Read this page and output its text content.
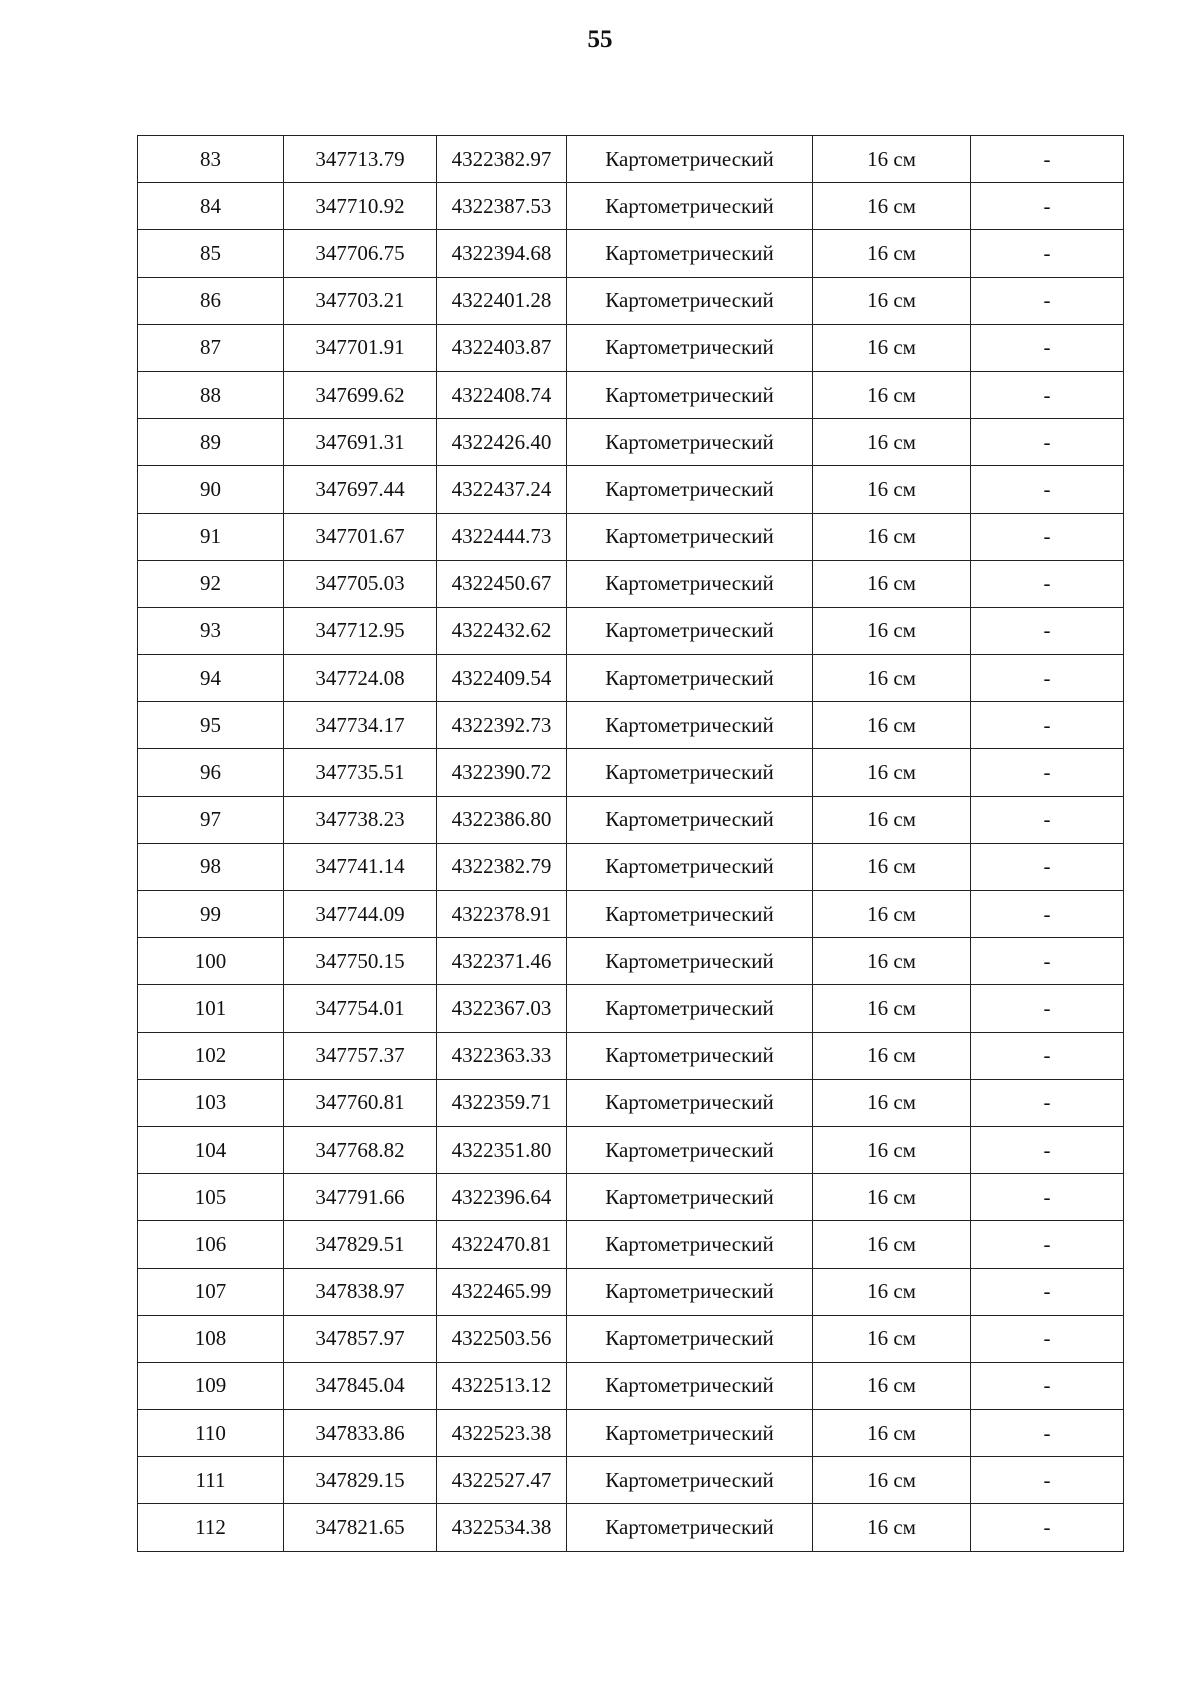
55
83	347713.79	4322382.97	Картометрический	16 см	-
84	347710.92	4322387.53	Картометрический	16 см	-
85	347706.75	4322394.68	Картометрический	16 см	-
86	347703.21	4322401.28	Картометрический	16 см	-
87	347701.91	4322403.87	Картометрический	16 см	-
88	347699.62	4322408.74	Картометрический	16 см	-
89	347691.31	4322426.40	Картометрический	16 см	-
90	347697.44	4322437.24	Картометрический	16 см	-
91	347701.67	4322444.73	Картометрический	16 см	-
92	347705.03	4322450.67	Картометрический	16 см	-
93	347712.95	4322432.62	Картометрический	16 см	-
94	347724.08	4322409.54	Картометрический	16 см	-
95	347734.17	4322392.73	Картометрический	16 см	-
96	347735.51	4322390.72	Картометрический	16 см	-
97	347738.23	4322386.80	Картометрический	16 см	-
98	347741.14	4322382.79	Картометрический	16 см	-
99	347744.09	4322378.91	Картометрический	16 см	-
100	347750.15	4322371.46	Картометрический	16 см	-
101	347754.01	4322367.03	Картометрический	16 см	-
102	347757.37	4322363.33	Картометрический	16 см	-
103	347760.81	4322359.71	Картометрический	16 см	-
104	347768.82	4322351.80	Картометрический	16 см	-
105	347791.66	4322396.64	Картометрический	16 см	-
106	347829.51	4322470.81	Картометрический	16 см	-
107	347838.97	4322465.99	Картометрический	16 см	-
108	347857.97	4322503.56	Картометрический	16 см	-
109	347845.04	4322513.12	Картометрический	16 см	-
110	347833.86	4322523.38	Картометрический	16 см	-
111	347829.15	4322527.47	Картометрический	16 см	-
112	347821.65	4322534.38	Картометрический	16 см	-
